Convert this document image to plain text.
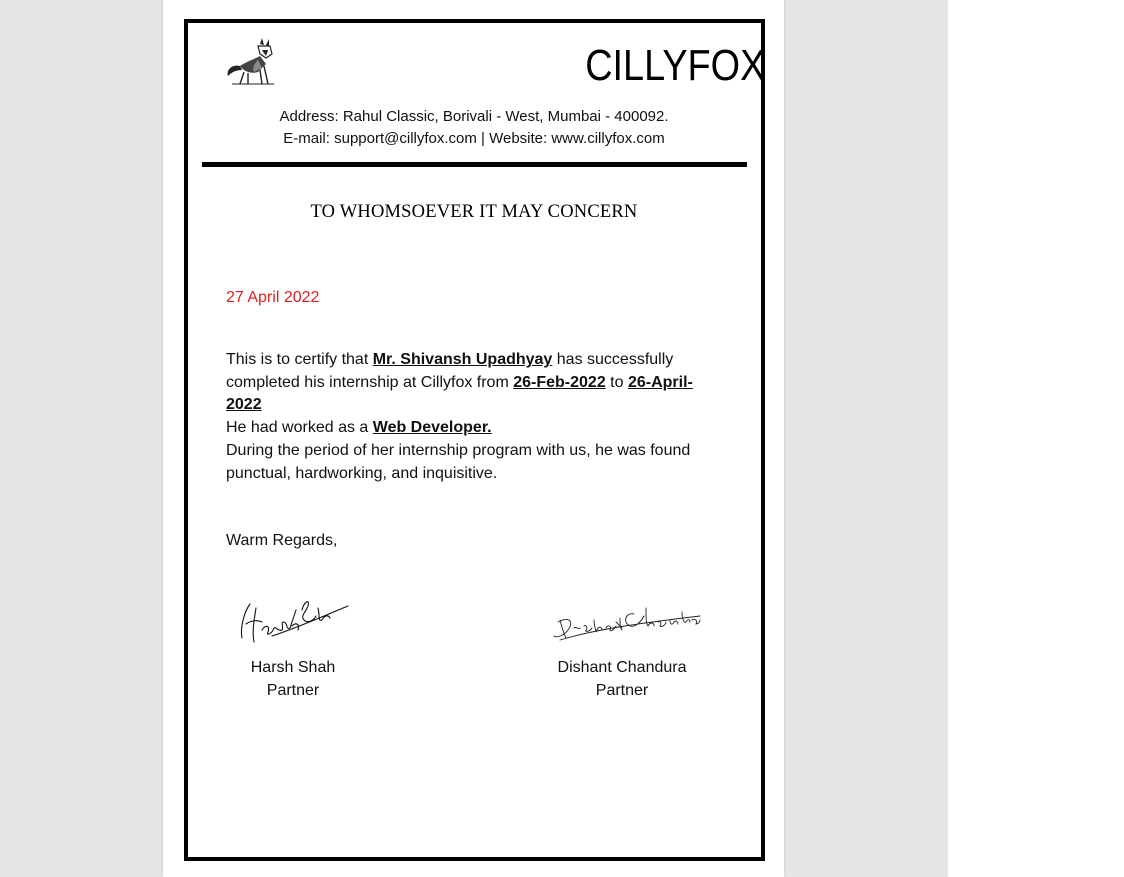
CILLYFOX
Address: Rahul Classic, Borivali - West, Mumbai - 400092.
E-mail: support@cillyfox.com | Website: www.cillyfox.com
TO WHOMSOEVER IT MAY CONCERN
27 April 2022
This is to certify that Mr. Shivansh Upadhyay has successfully completed his internship at Cillyfox from 26-Feb-2022 to 26-April-2022
He had worked as a Web Developer.
During the period of her internship program with us, he was found punctual, hardworking, and inquisitive.
Warm Regards,
Harsh Shah
Partner
Dishant Chandura
Partner
